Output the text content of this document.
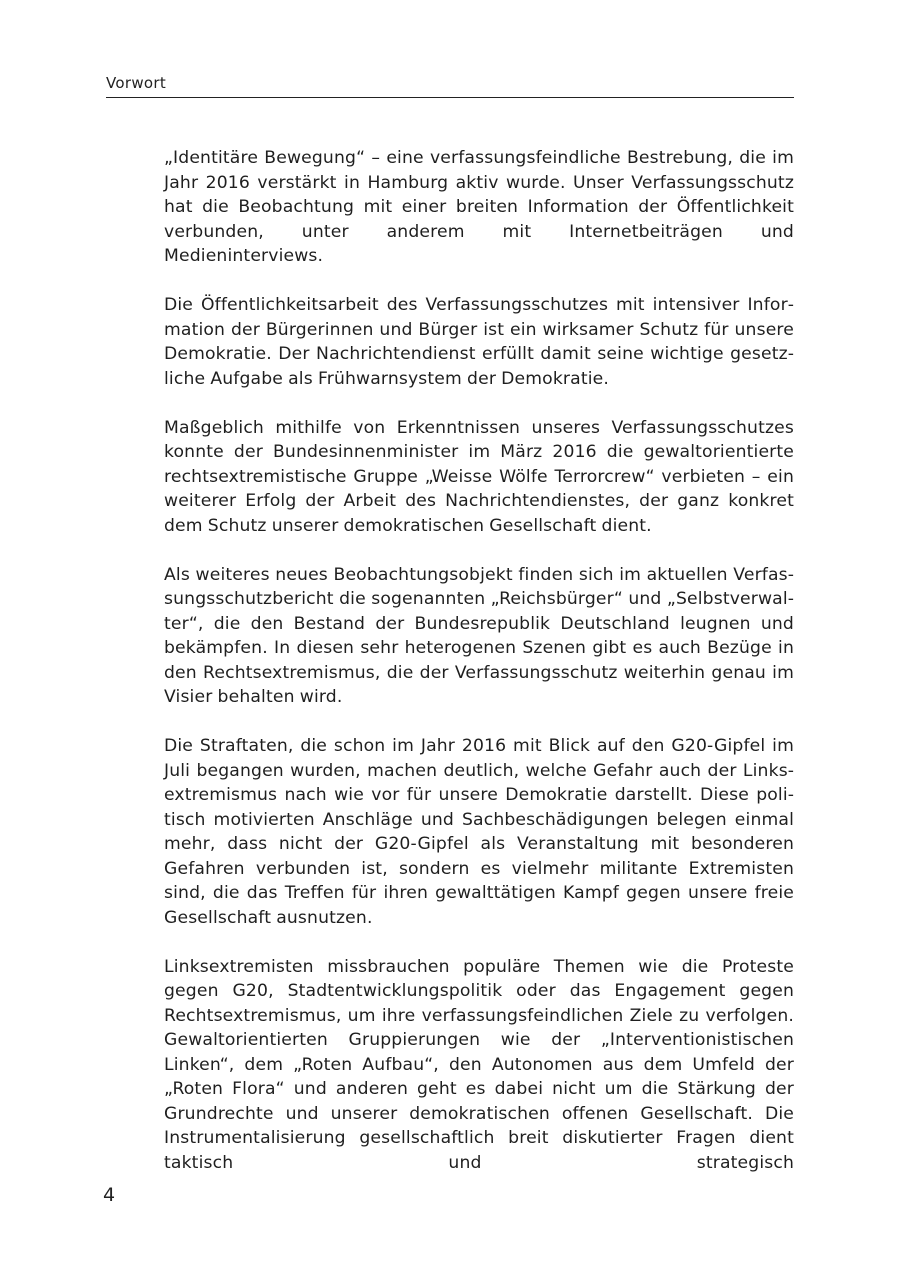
Vorwort

„Identitäre Bewegung“ – eine verfassungsfeindliche Bestrebung, die im Jahr 2016 verstärkt in Hamburg aktiv wurde. Unser Verfassungsschutz hat die Beobachtung mit einer breiten Information der Öffentlichkeit verbunden, unter anderem mit Internetbeiträgen und Medieninterviews.

Die Öffentlichkeitsarbeit des Verfassungsschutzes mit intensiver Information der Bürgerinnen und Bürger ist ein wirksamer Schutz für unsere Demokratie. Der Nachrichtendienst erfüllt damit seine wichtige gesetzliche Aufgabe als Frühwarnsystem der Demokratie.

Maßgeblich mithilfe von Erkenntnissen unseres Verfassungsschutzes konnte der Bundesinnenminister im März 2016 die gewaltorientierte rechtsextremistische Gruppe „Weisse Wölfe Terrorcrew“ verbieten – ein weiterer Erfolg der Arbeit des Nachrichtendienstes, der ganz konkret dem Schutz unserer demokratischen Gesellschaft dient.

Als weiteres neues Beobachtungsobjekt finden sich im aktuellen Verfassungsschutzbericht die sogenannten „Reichsbürger“ und „Selbstverwalter“, die den Bestand der Bundesrepublik Deutschland leugnen und bekämpfen. In diesen sehr heterogenen Szenen gibt es auch Bezüge in den Rechtsextremismus, die der Verfassungsschutz weiterhin genau im Visier behalten wird.

Die Straftaten, die schon im Jahr 2016 mit Blick auf den G20-Gipfel im Juli begangen wurden, machen deutlich, welche Gefahr auch der Linksextremismus nach wie vor für unsere Demokratie darstellt. Diese politisch motivierten Anschläge und Sachbeschädigungen belegen einmal mehr, dass nicht der G20-Gipfel als Veranstaltung mit besonderen Gefahren verbunden ist, sondern es vielmehr militante Extremisten sind, die das Treffen für ihren gewalttätigen Kampf gegen unsere freie Gesellschaft ausnutzen.

Linksextremisten missbrauchen populäre Themen wie die Proteste gegen G20, Stadtentwicklungspolitik oder das Engagement gegen Rechtsextremismus, um ihre verfassungsfeindlichen Ziele zu verfolgen. Gewaltorientierten Gruppierungen wie der „Interventionistischen Linken“, dem „Roten Aufbau“, den Autonomen aus dem Umfeld der „Roten Flora“ und anderen geht es dabei nicht um die Stärkung der Grundrechte und unserer demokratischen offenen Gesellschaft. Die Instrumentalisierung gesellschaftlich breit diskutierter Fragen dient taktisch und strategisch

4
